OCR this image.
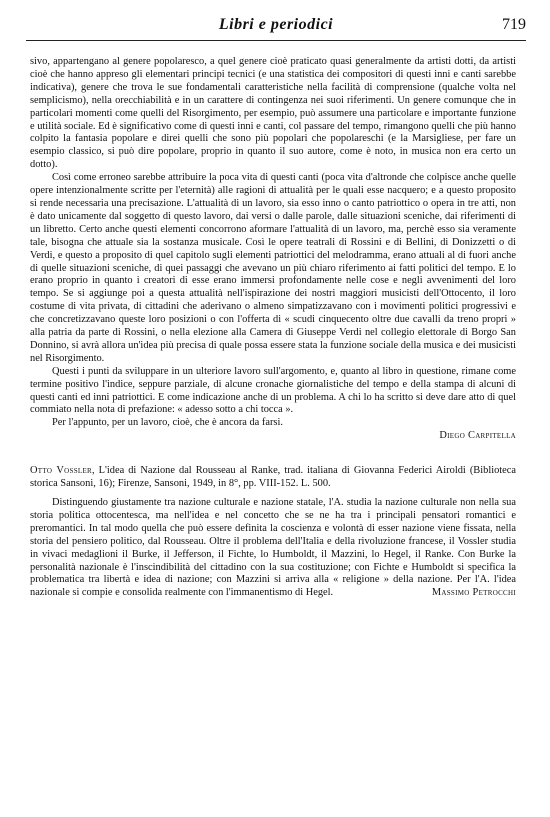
Libri e periodici	719

sivo, appartengano al genere popolaresco, a quel genere cioè praticato quasi generalmente da artisti dotti, da artisti cioè che hanno appreso gli elementari principi tecnici (e una statistica dei compositori di questi inni e canti sarebbe indicativa), genere che trova le sue fondamentali caratteristiche nella facilità di comprensione (qualche volta nel semplicismo), nella orecchiabilità e in un carattere di contingenza nei suoi riferimenti. Un genere comunque che in particolari momenti come quelli del Risorgimento, per esempio, può assumere una particolare e importante funzione e utilità sociale. Ed è significativo come di questi inni e canti, col passare del tempo, rimangono quelli che più hanno colpito la fantasia popolare e direi quelli che sono più popolari che popolareschi (e la Marsigliese, per fare un esempio classico, si può dire popolare, proprio in quanto il suo autore, come è noto, in musica non era certo un dotto).

Così come erroneo sarebbe attribuire la poca vita di questi canti (poca vita d'altronde che colpisce anche quelle opere intenzionalmente scritte per l'eternità) alle ragioni di attualità per le quali esse nacquero; e a questo proposito si rende necessaria una precisazione. L'attualità di un lavoro, sia esso inno o canto patriottico o opera in tre atti, non è dato unicamente dal soggetto di questo lavoro, dai versi o dalle parole, dalle situazioni sceniche, dai riferimenti di un libretto. Certo anche questi elementi concorrono aformare l'attualità di un lavoro, ma, perchè esso sia veramente tale, bisogna che attuale sia la sostanza musicale. Così le opere teatrali di Rossini e di Bellini, di Donizzetti o di Verdi, e questo a proposito di quel capitolo sugli elementi patriottici del melodramma, erano attuali al di fuori anche di quelle situazioni sceniche, di quei passaggi che avevano un più chiaro riferimento ai fatti politici del tempo. E lo erano proprio in quanto i creatori di esse erano immersi profondamente nelle cose e negli avvenimenti del loro tempo. Se si aggiunge poi a questa attualità nell'ispirazione dei nostri maggiori musicisti dell'Ottocento, il loro costume di vita privata, di cittadini che aderivano o almeno simpatizzavano con i movimenti politici progressivi e che concretizzavano queste loro posizioni o con l'offerta di « scudi cinquecento oltre due cavalli da treno propri » alla patria da parte di Rossini, o nella elezione alla Camera di Giuseppe Verdi nel collegio elettorale di Borgo San Donnino, si avrà allora un'idea più precisa di quale possa essere stata la funzione sociale della musica e dei musicisti nel Risorgimento.

Questi i punti da sviluppare in un ulteriore lavoro sull'argomento, e, quanto al libro in questione, rimane come termine positivo l'indice, seppure parziale, di alcune cronache giornalistiche del tempo e della stampa di alcuni di questi canti ed inni patriottici. E come indicazione anche di un problema. A chi lo ha scritto si deve dare atto di quel commiato nella nota di prefazione: « adesso sotto a chi tocca ».

Per l'appunto, per un lavoro, cioè, che è ancora da farsi.

Diego Carpitella

Otto Vossler, L'idea di Nazione dal Rousseau al Ranke, trad. italiana di Giovanna Federici Airoldi (Biblioteca storica Sansoni, 16); Firenze, Sansoni, 1949, in 8°, pp. VIII-152. L. 500.

Distinguendo giustamente tra nazione culturale e nazione statale, l'A. studia la nazione culturale non nella sua storia politica ottocentesca, ma nell'idea e nel concetto che se ne ha tra i principali pensatori romantici e preromantici. In tal modo quella che può essere definita la coscienza e volontà di esser nazione viene fissata, nella storia del pensiero politico, dal Rousseau. Oltre il problema dell'Italia e della rivoluzione francese, il Vossler studia in vivaci medaglioni il Burke, il Jefferson, il Fichte, lo Humboldt, il Mazzini, lo Hegel, il Ranke. Con Burke la personalità nazionale è l'inscindibilità del cittadino con la sua costituzione; con Fichte e Humboldt si specifica la problematica tra libertà e idea di nazione; con Mazzini si arriva alla « religione » della nazione. Per l'A. l'idea nazionale si compie e consolida realmente con l'immanentismo di Hegel.	Massimo Petrocchi
